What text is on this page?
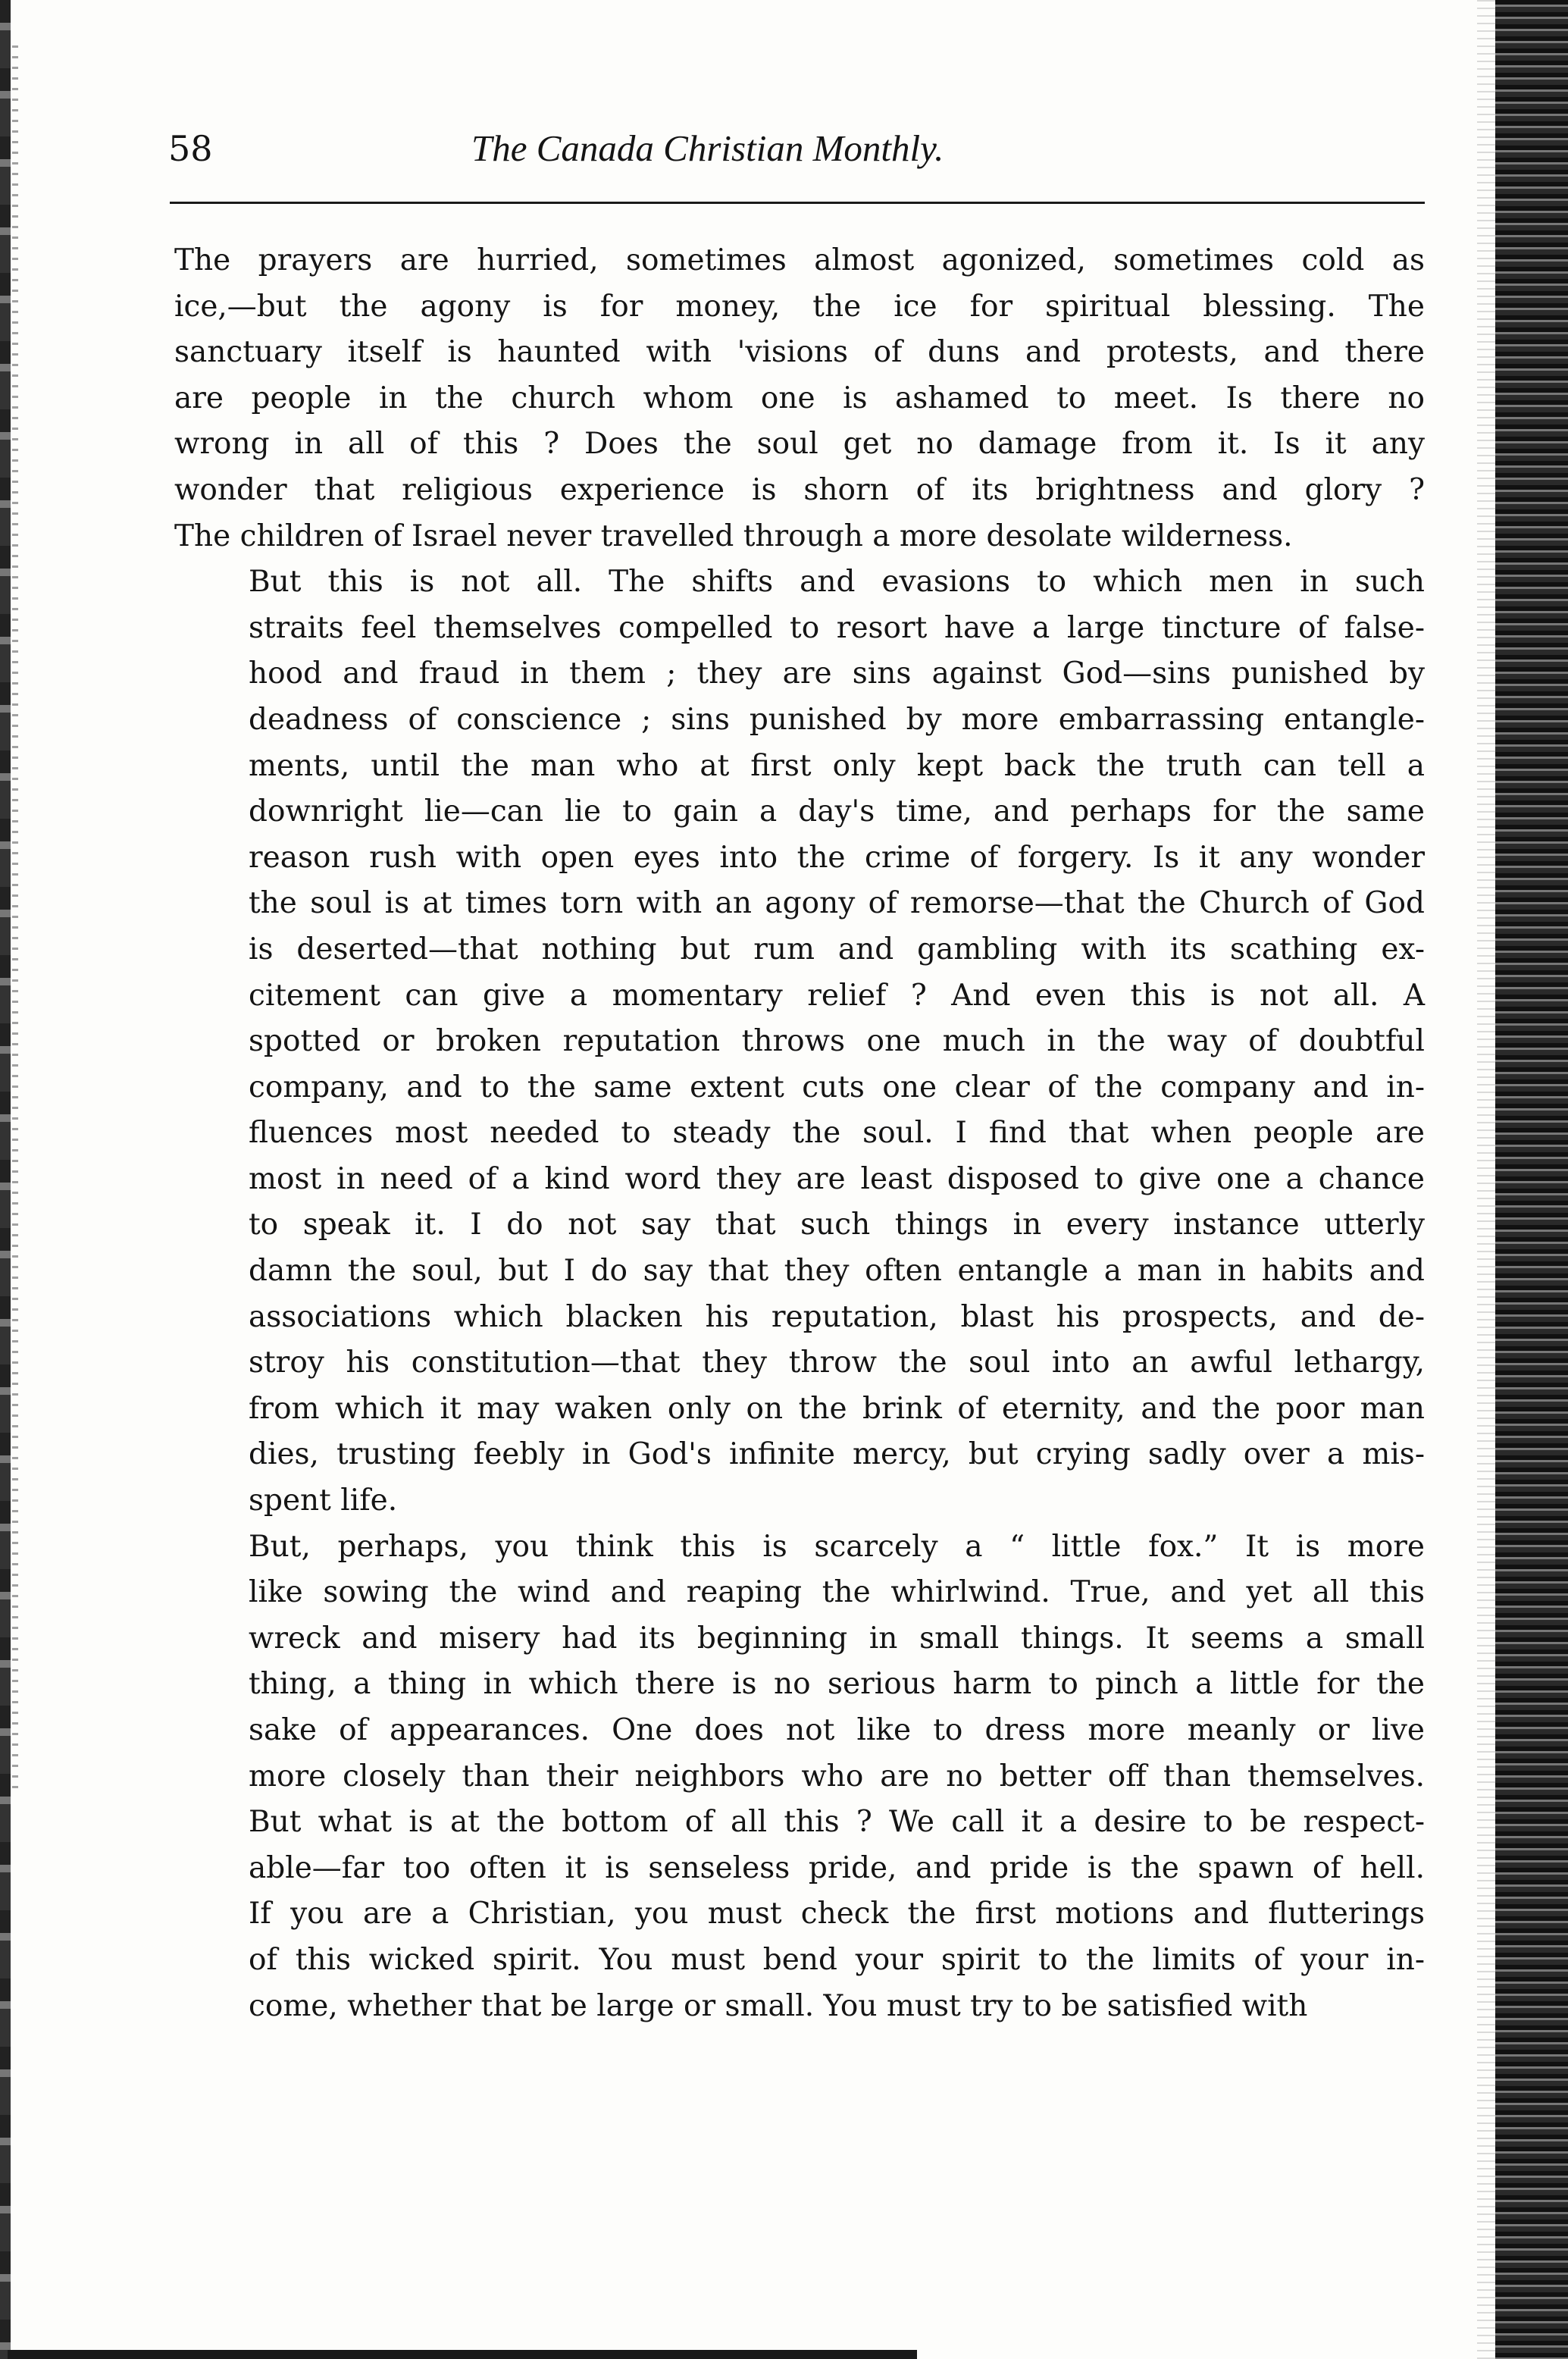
58	The Canada Christian Monthly.
The prayers are hurried, sometimes almost agonized, sometimes cold as
ice,—but the agony is for money, the ice for spiritual blessing. The
sanctuary itself is haunted with 'visions of duns and protests, and there
are people in the church whom one is ashamed to meet. Is there no
wrong in all of this ? Does the soul get no damage from it. Is it any
wonder that religious experience is shorn of its brightness and glory ?
The children of Israel never travelled through a more desolate wilderness.
But this is not all. The shifts and evasions to which men in such
straits feel themselves compelled to resort have a large tincture of false-
hood and fraud in them ; they are sins against God—sins punished by
deadness of conscience ; sins punished by more embarrassing entangle-
ments, until the man who at first only kept back the truth can tell a
downright lie—can lie to gain a day's time, and perhaps for the same
reason rush with open eyes into the crime of forgery. Is it any wonder
the soul is at times torn with an agony of remorse—that the Church of God
is deserted—that nothing but rum and gambling with its scathing ex-
citement can give a momentary relief ? And even this is not all. A
spotted or broken reputation throws one much in the way of doubtful
company, and to the same extent cuts one clear of the company and in-
fluences most needed to steady the soul. I find that when people are
most in need of a kind word they are least disposed to give one a chance
to speak it. I do not say that such things in every instance utterly
damn the soul, but I do say that they often entangle a man in habits and
associations which blacken his reputation, blast his prospects, and de-
stroy his constitution—that they throw the soul into an awful lethargy,
from which it may waken only on the brink of eternity, and the poor man
dies, trusting feebly in God's infinite mercy, but crying sadly over a mis-
spent life.
But, perhaps, you think this is scarcely a “ little fox.” It is more
like sowing the wind and reaping the whirlwind. True, and yet all this
wreck and misery had its beginning in small things. It seems a small
thing, a thing in which there is no serious harm to pinch a little for the
sake of appearances. One does not like to dress more meanly or live
more closely than their neighbors who are no better off than themselves.
But what is at the bottom of all this ? We call it a desire to be respect-
able—far too often it is senseless pride, and pride is the spawn of hell.
If you are a Christian, you must check the first motions and flutterings
of this wicked spirit. You must bend your spirit to the limits of your in-
come, whether that be large or small. You must try to be satisfied with
